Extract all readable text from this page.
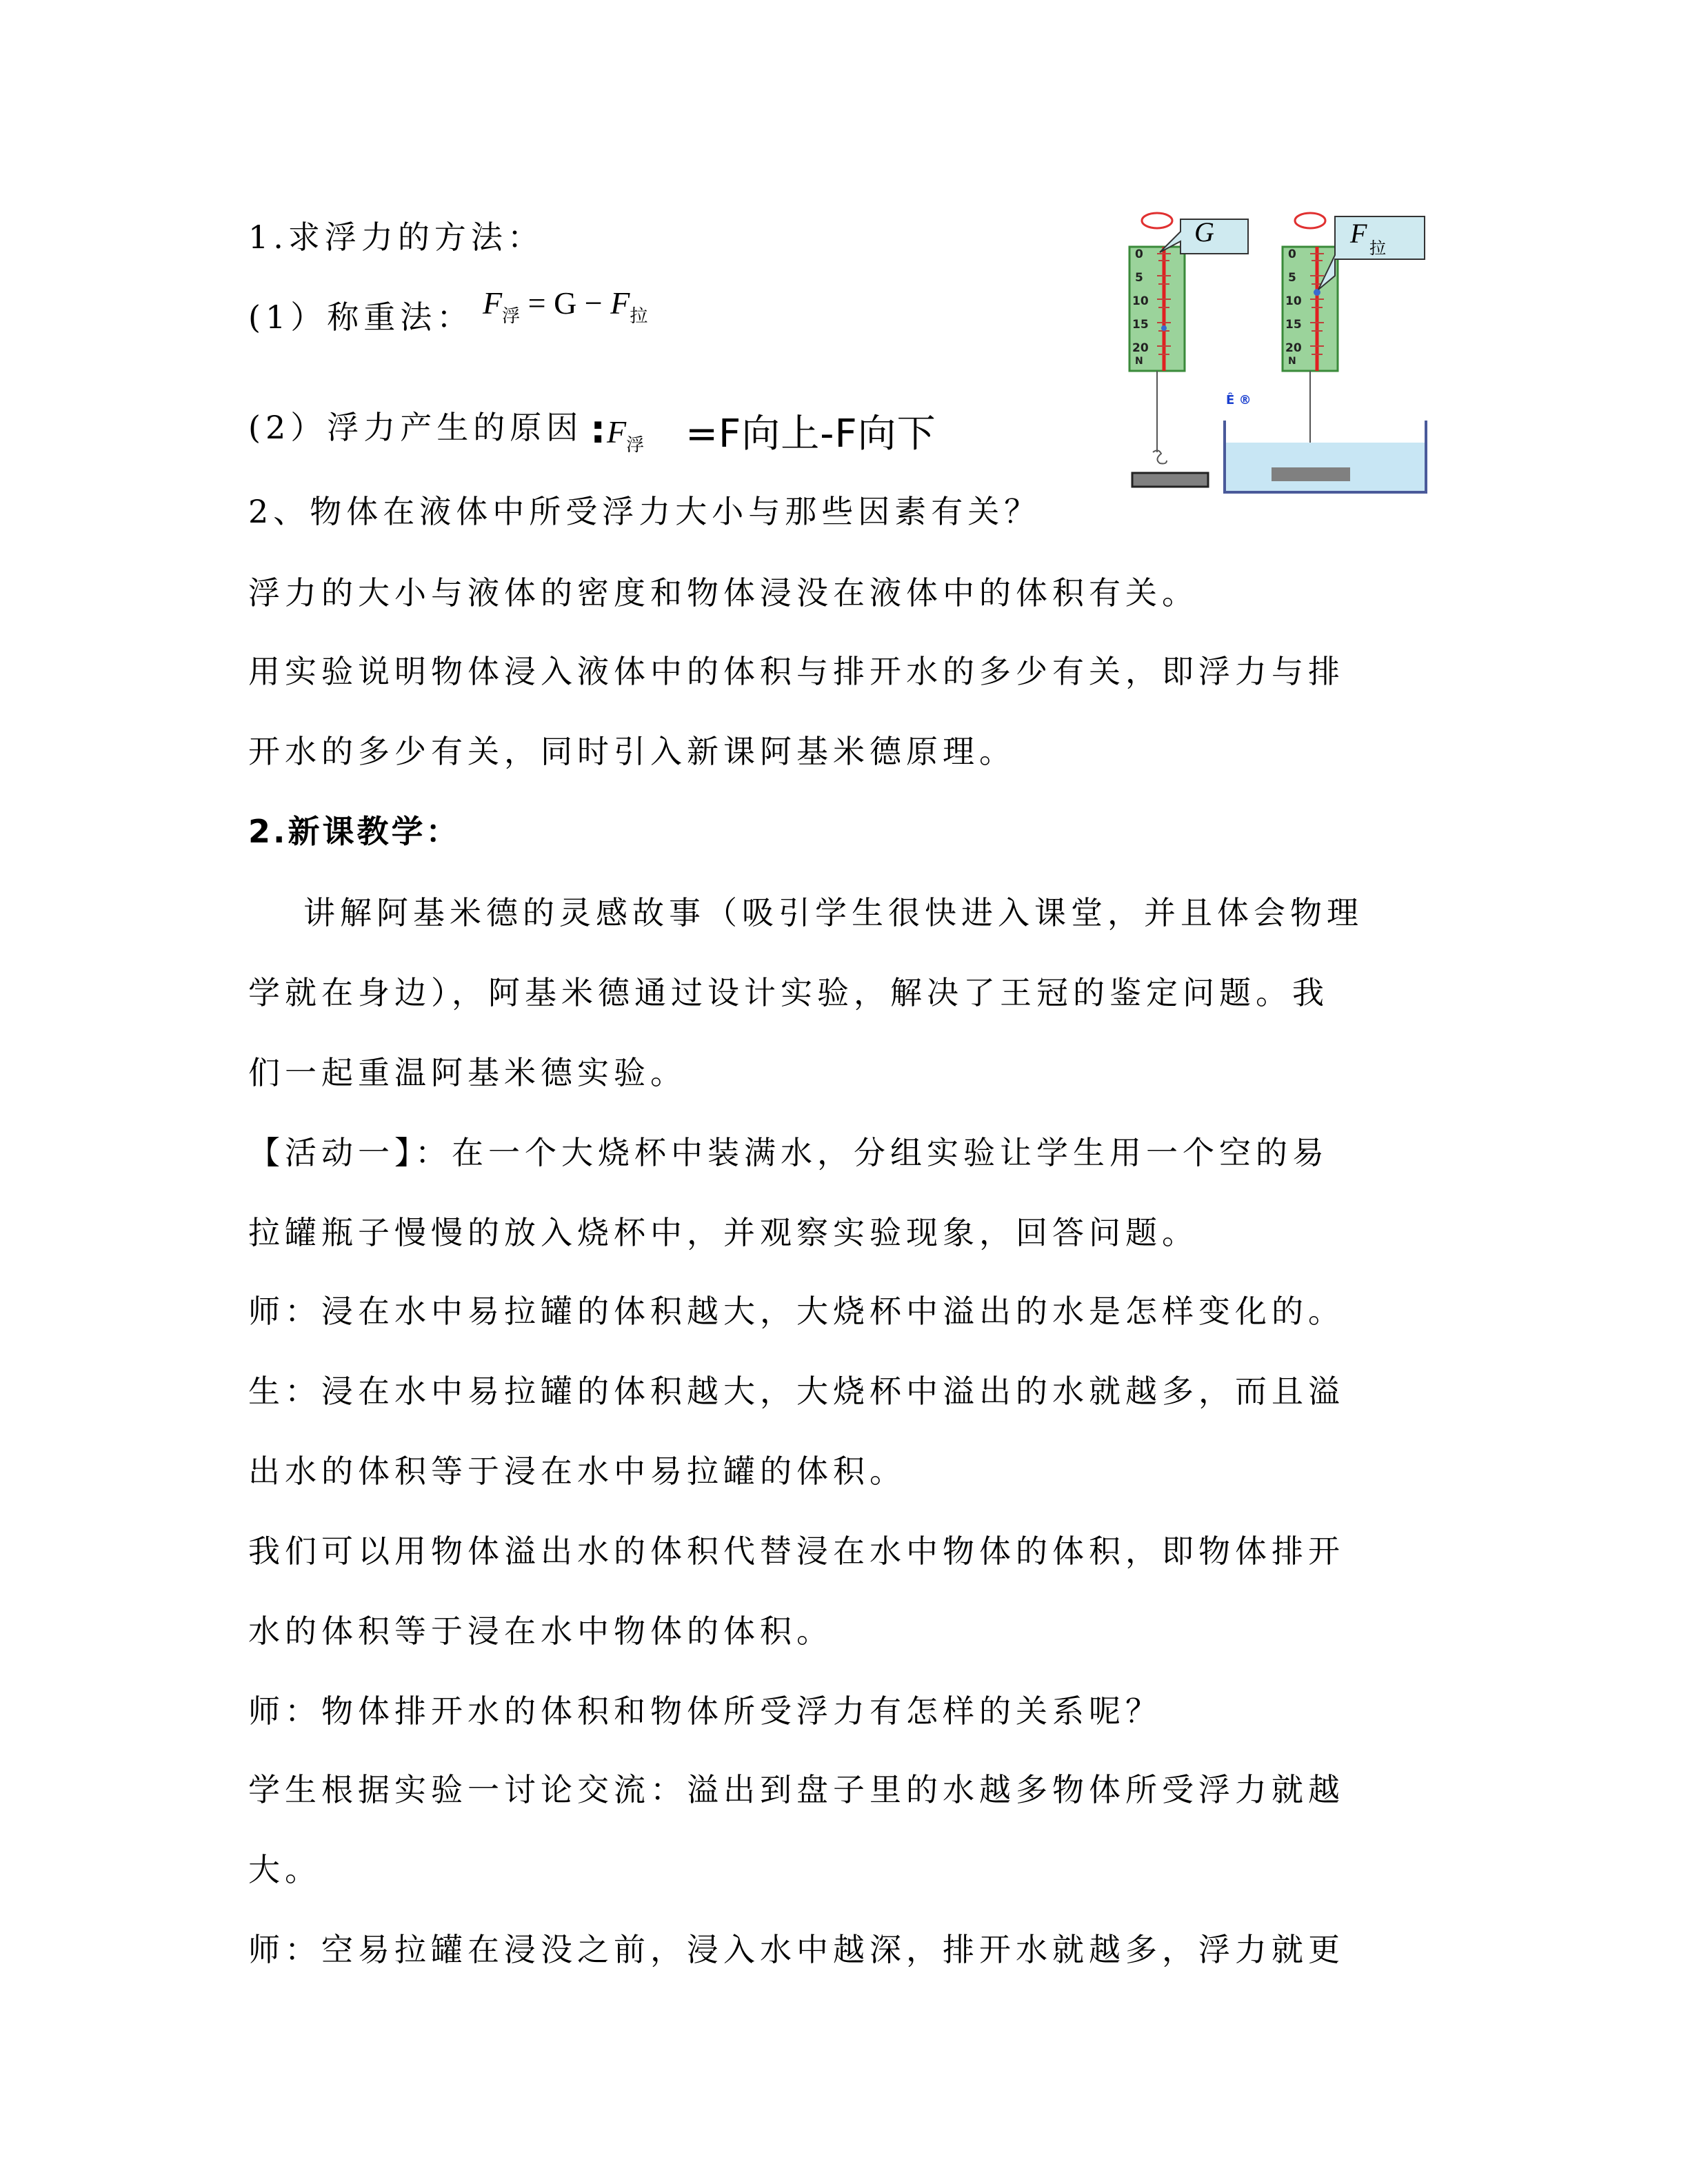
1.求浮力的方法：
(1）称重法： $F_浮 = G - F_拉$
(2）浮力产生的原因 : $F_浮 =F$向上-F向下
2、物体在液体中所受浮力大小与那些因素有关？
浮力的大小与液体的密度和物体浸没在液体中的体积有关。
用实验说明物体浸入液体中的体积与排开水的多少有关，即浮力与排
开水的多少有关，同时引入新课阿基米德原理。
2.新课教学：
讲解阿基米德的灵感故事（吸引学生很快进入课堂，并且体会物理
学就在身边），阿基米德通过设计实验，解决了王冠的鉴定问题。我
们一起重温阿基米德实验。
【活动一】：在一个大烧杯中装满水，分组实验让学生用一个空的易
拉罐瓶子慢慢的放入烧杯中，并观察实验现象，回答问题。
师：浸在水中易拉罐的体积越大，大烧杯中溢出的水是怎样变化的。
生：浸在水中易拉罐的体积越大，大烧杯中溢出的水就越多，而且溢
出水的体积等于浸在水中易拉罐的体积。
我们可以用物体溢出水的体积代替浸在水中物体的体积，即物体排开
水的体积等于浸在水中物体的体积。
师：物体排开水的体积和物体所受浮力有怎样的关系呢？
学生根据实验一讨论交流：溢出到盘子里的水越多物体所受浮力就越
大。
师：空易拉罐在浸没之前，浸入水中越深，排开水就越多，浮力就更
0
5
10
15
20
N
G
0
5
10
15
20
N
F 拉
Ê ®
